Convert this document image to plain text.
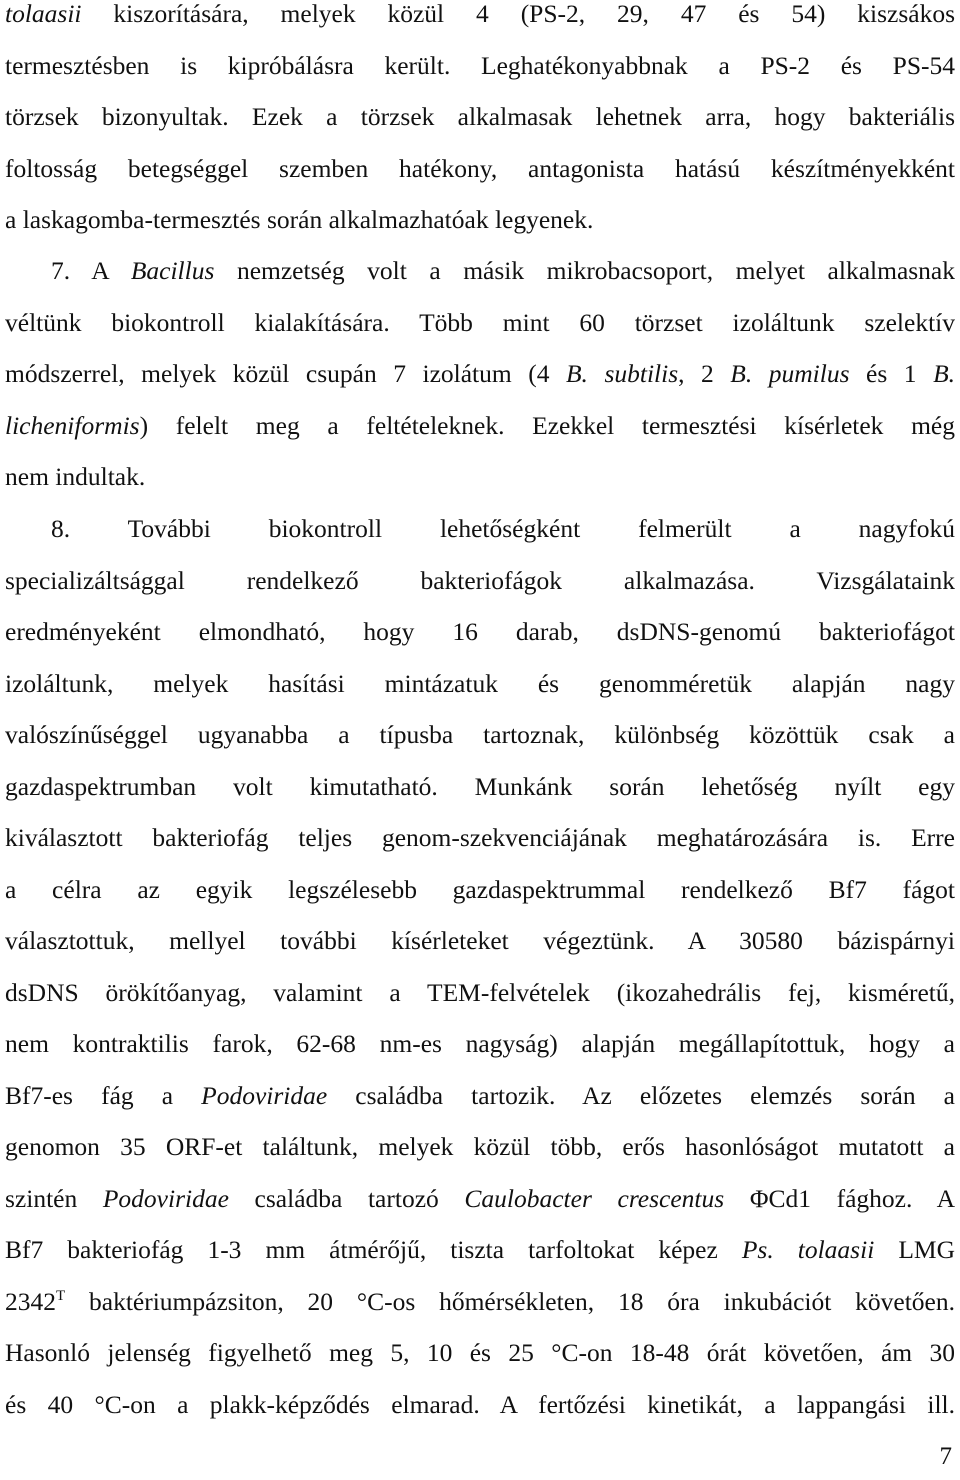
tolaasii kiszorítására, melyek közül 4 (PS-2, 29, 47 és 54) kiszsákos
termesztésben is kipróbálásra került. Leghatékonyabbnak a PS-2 és PS-54
törzsek bizonyultak. Ezek a törzsek alkalmasak lehetnek arra, hogy bakteriális
foltosság betegséggel szemben hatékony, antagonista hatású készítményekként
a laskagomba-termesztés során alkalmazhatóak legyenek.
7. A Bacillus nemzetség volt a másik mikrobacsoport, melyet alkalmasnak
véltünk biokontroll kialakítására. Több mint 60 törzset izoláltunk szelektív
módszerrel, melyek közül csupán 7 izolátum (4 B. subtilis, 2 B. pumilus és 1 B.
licheniformis) felelt meg a feltételeknek. Ezekkel termesztési kísérletek még
nem indultak.
8. További biokontroll lehetőségként felmerült a nagyfokú
specializáltsággal rendelkező bakteriofágok alkalmazása. Vizsgálataink
eredményeként elmondható, hogy 16 darab, dsDNS-genomú bakteriofágot
izoláltunk, melyek hasítási mintázatuk és genomméretük alapján nagy
valószínűséggel ugyanabba a típusba tartoznak, különbség közöttük csak a
gazdaspektrumban volt kimutatható. Munkánk során lehetőség nyílt egy
kiválasztott bakteriofág teljes genom-szekvenciájának meghatározására is. Erre
a célra az egyik legszélesebb gazdaspektrummal rendelkező Bf7 fágot
választottuk, mellyel további kísérleteket végeztünk. A 30580 bázispárnyi
dsDNS örökítőanyag, valamint a TEM-felvételek (ikozahedrális fej, kisméretű,
nem kontraktilis farok, 62-68 nm-es nagyság) alapján megállapítottuk, hogy a
Bf7-es fág a Podoviridae családba tartozik. Az előzetes elemzés során a
genomon 35 ORF-et találtunk, melyek közül több, erős hasonlóságot mutatott a
szintén Podoviridae családba tartozó Caulobacter crescentus ΦCd1 fághoz. A
Bf7 bakteriofág 1-3 mm átmérőjű, tiszta tarfoltokat képez Ps. tolaasii LMG
$2342^T$ baktériumpázsiton, 20 °C-os hőmérsékleten, 18 óra inkubációt követően.
Hasonló jelenség figyelhető meg 5, 10 és 25 °C-on 18-48 órát követően, ám 30
és 40 °C-on a plakk-képződés elmarad. A fertőzési kinetikát, a lappangási ill.
7
